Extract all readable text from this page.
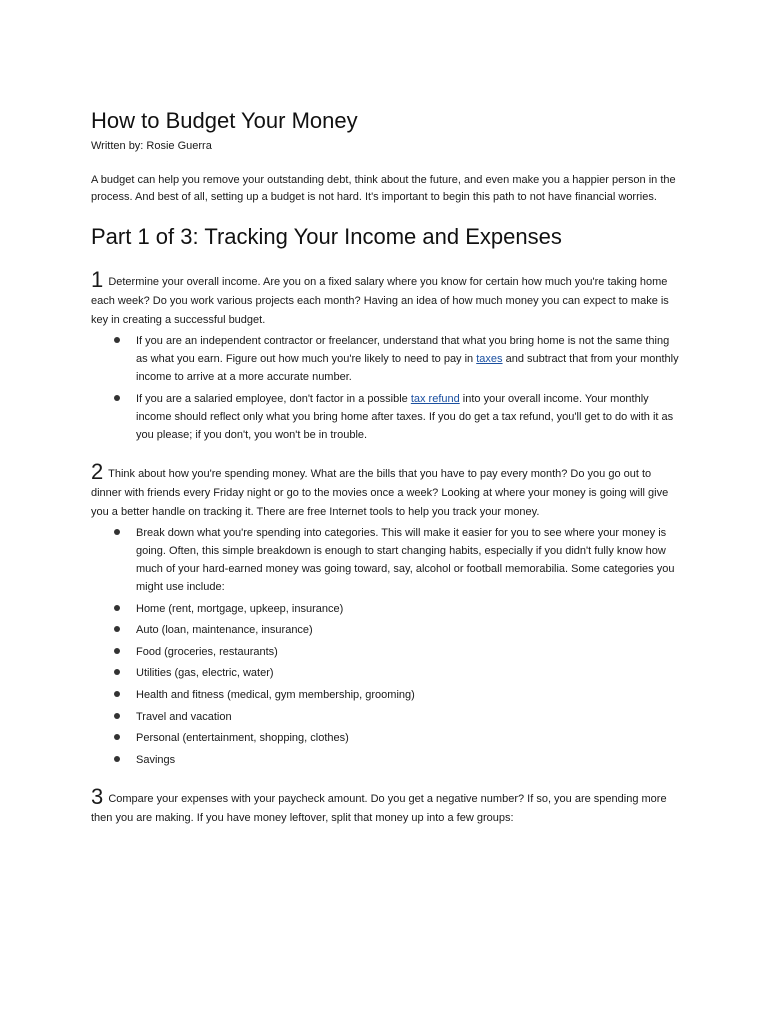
How to Budget Your Money

Written by: Rosie Guerra

A budget can help you remove your outstanding debt, think about the future, and even make you a happier person in the process. And best of all, setting up a budget is not hard. It's important to begin this path to not have financial worries.

Part 1 of 3: Tracking Your Income and Expenses

1 Determine your overall income. Are you on a fixed salary where you know for certain how much you're taking home each week? Do you work various projects each month? Having an idea of how much money you can expect to make is key in creating a successful budget.

If you are an independent contractor or freelancer, understand that what you bring home is not the same thing as what you earn. Figure out how much you're likely to need to pay in taxes and subtract that from your monthly income to arrive at a more accurate number.
If you are a salaried employee, don't factor in a possible tax refund into your overall income. Your monthly income should reflect only what you bring home after taxes. If you do get a tax refund, you'll get to do with it as you please; if you don't, you won't be in trouble.

2 Think about how you're spending money. What are the bills that you have to pay every month? Do you go out to dinner with friends every Friday night or go to the movies once a week? Looking at where your money is going will give you a better handle on tracking it. There are free Internet tools to help you track your money.

Break down what you're spending into categories. This will make it easier for you to see where your money is going. Often, this simple breakdown is enough to start changing habits, especially if you didn't fully know how much of your hard-earned money was going toward, say, alcohol or football memorabilia. Some categories you might use include:
Home (rent, mortgage, upkeep, insurance)
Auto (loan, maintenance, insurance)
Food (groceries, restaurants)
Utilities (gas, electric, water)
Health and fitness (medical, gym membership, grooming)
Travel and vacation
Personal (entertainment, shopping, clothes)
Savings

3 Compare your expenses with your paycheck amount. Do you get a negative number? If so, you are spending more then you are making. If you have money leftover, split that money up into a few groups:
